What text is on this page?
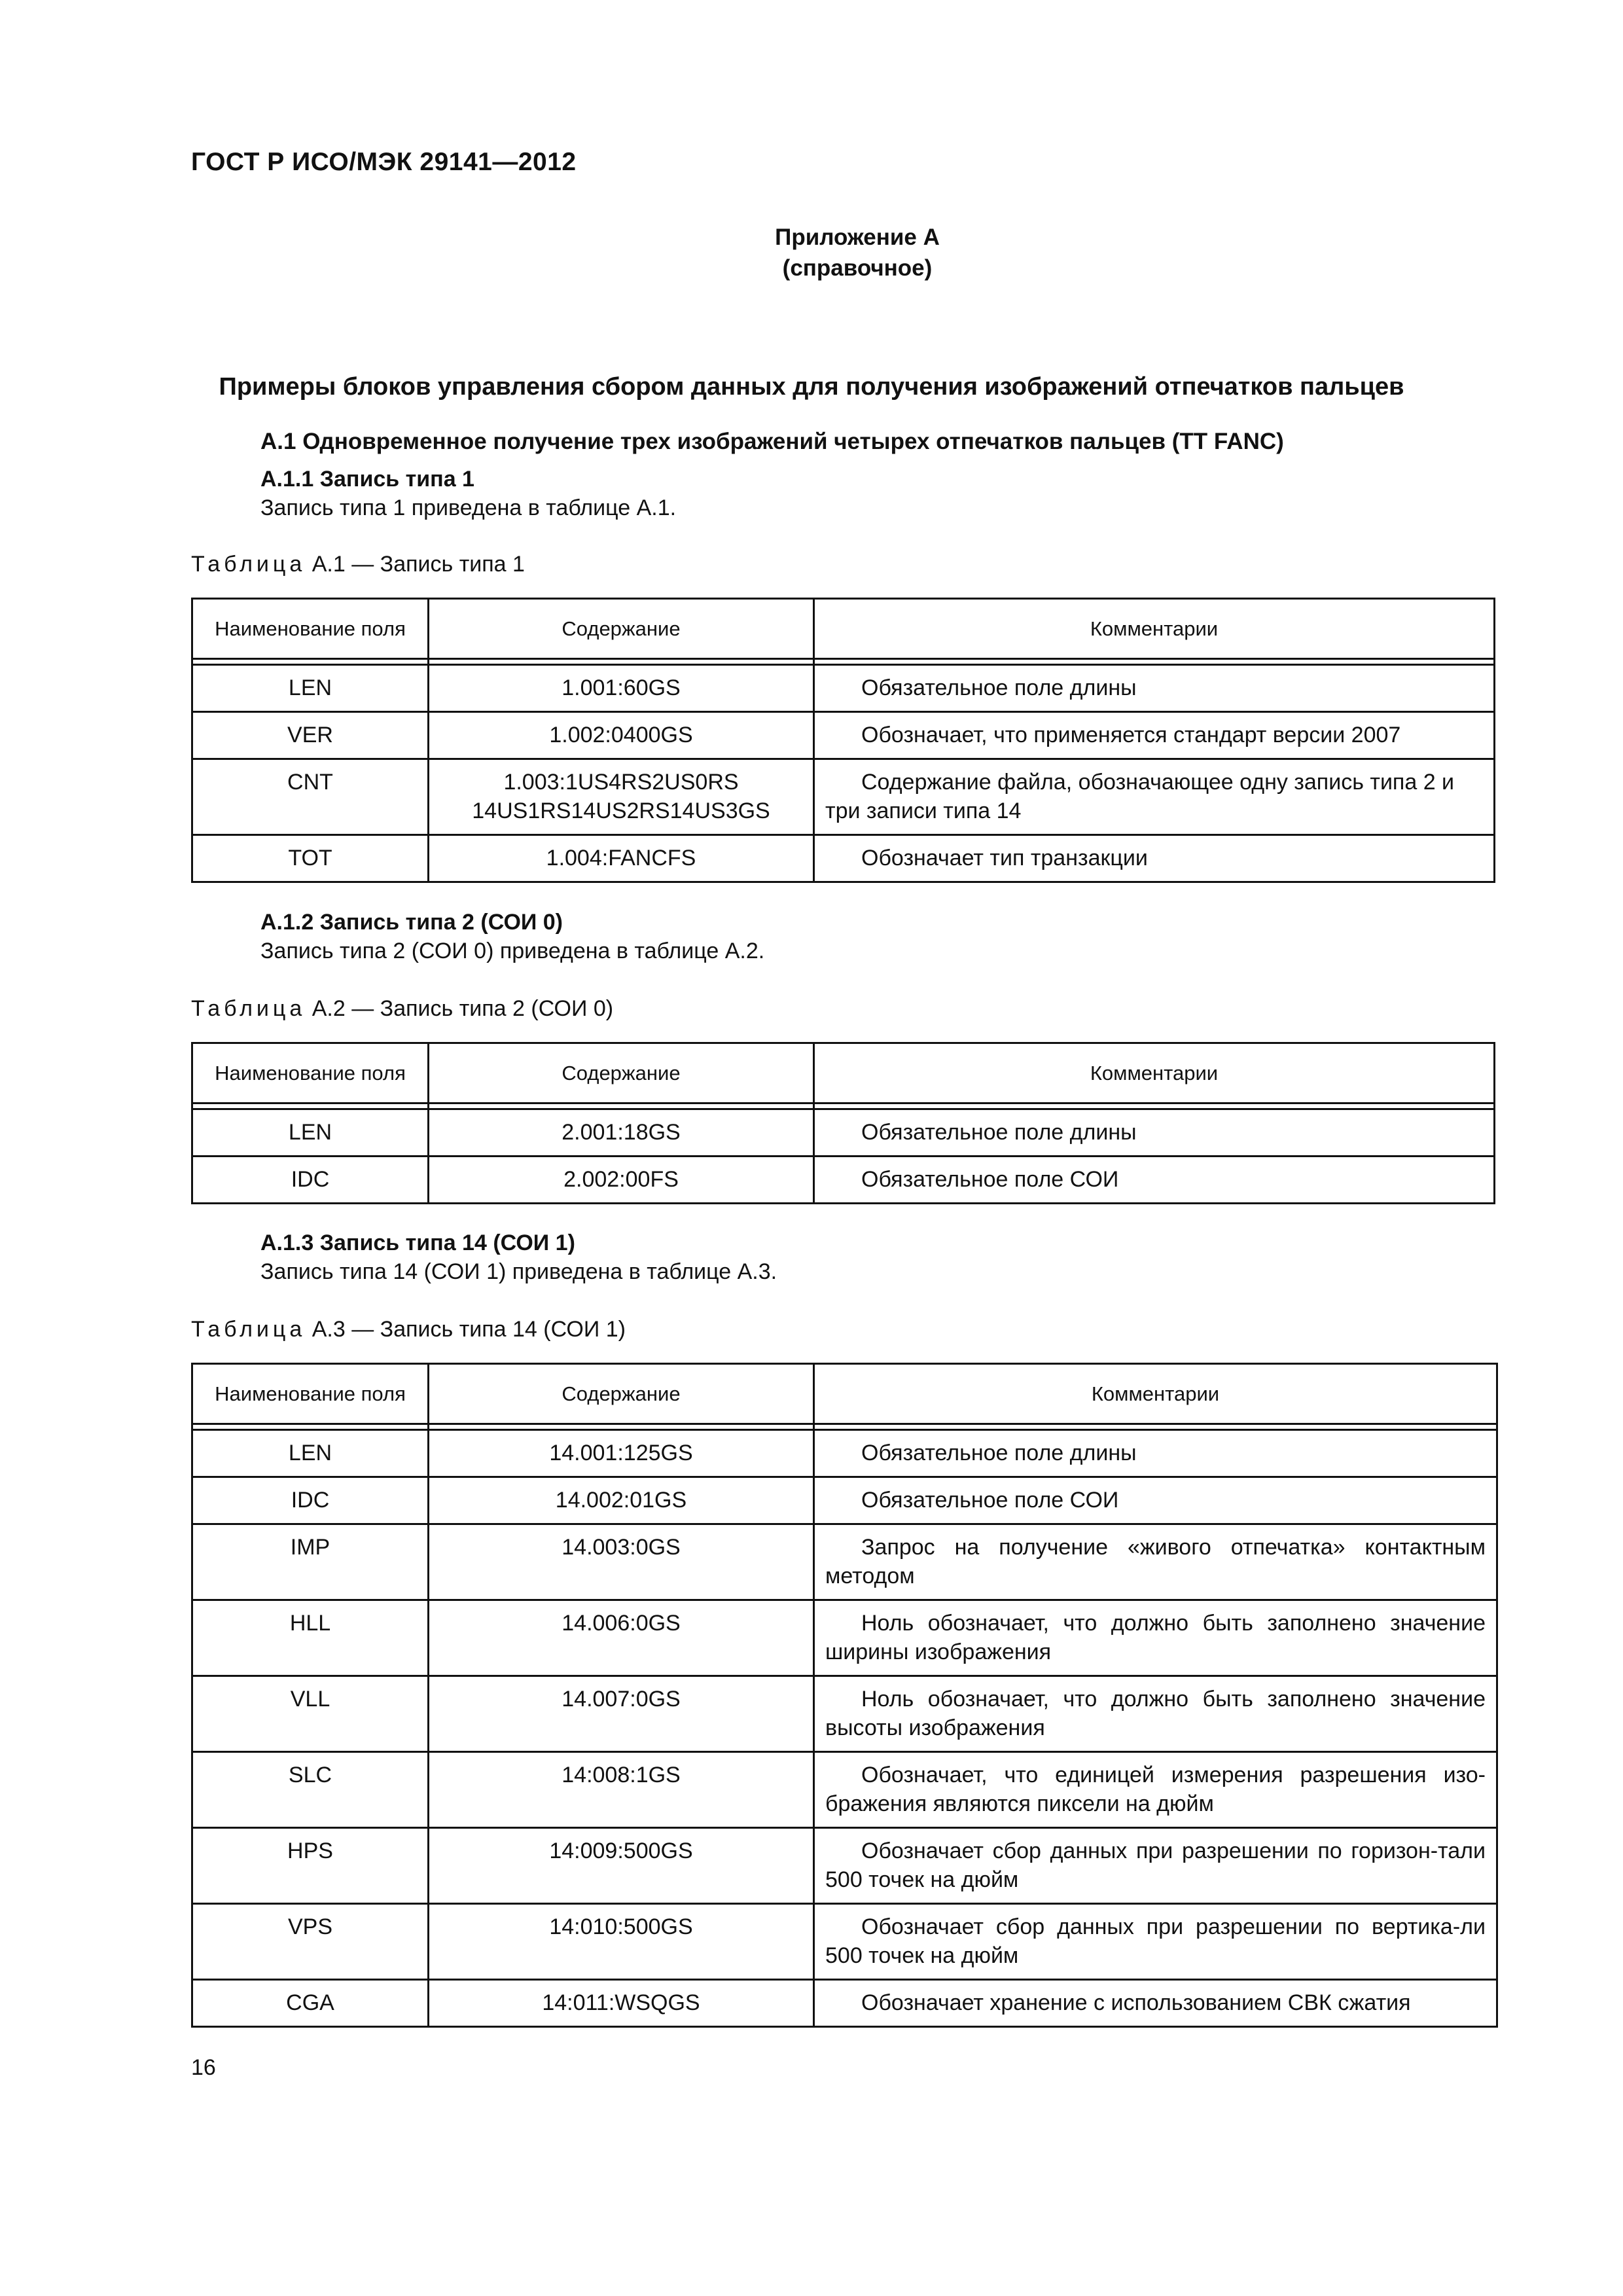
ГОСТ Р ИСО/МЭК 29141—2012
Приложение А
(справочное)
Примеры блоков управления сбором данных для получения изображений отпечатков пальцев
А.1 Одновременное получение трех изображений четырех отпечатков пальцев (TT FANC)
А.1.1 Запись типа 1
Запись типа 1 приведена в таблице А.1.
Таблица А.1 — Запись типа 1
Наименование поля	Содержание	Комментарии

LEN	1.001:60GS	Обязательное поле длины
VER	1.002:0400GS	Обозначает, что применяется стандарт версии 2007
CNT	1.003:1US4RS2US0RS 14US1RS14US2RS14US3GS	Содержание файла, обозначающее одну запись типа 2 и три записи типа 14
TOT	1.004:FANCFS	Обозначает тип транзакции
А.1.2 Запись типа 2 (СОИ 0)
Запись типа 2 (СОИ 0) приведена в таблице А.2.
Таблица А.2 — Запись типа 2 (СОИ 0)
Наименование поля	Содержание	Комментарии

LEN	2.001:18GS	Обязательное поле длины
IDC	2.002:00FS	Обязательное поле СОИ
А.1.3 Запись типа 14 (СОИ 1)
Запись типа 14 (СОИ 1) приведена в таблице А.3.
Таблица А.3 — Запись типа 14 (СОИ 1)
Наименование поля	Содержание	Комментарии

LEN	14.001:125GS	Обязательное поле длины
IDC	14.002:01GS	Обязательное поле СОИ
IMP	14.003:0GS	Запрос на получение «живого отпечатка» контактным методом
HLL	14.006:0GS	Ноль обозначает, что должно быть заполнено значение ширины изображения
VLL	14.007:0GS	Ноль обозначает, что должно быть заполнено значение высоты изображения
SLC	14:008:1GS	Обозначает, что единицей измерения разрешения изо-бражения являются пиксели на дюйм
HPS	14:009:500GS	Обозначает сбор данных при разрешении по горизон-тали 500 точек на дюйм
VPS	14:010:500GS	Обозначает сбор данных при разрешении по вертика-ли 500 точек на дюйм
CGA	14:011:WSQGS	Обозначает хранение с использованием СВК сжатия
16
